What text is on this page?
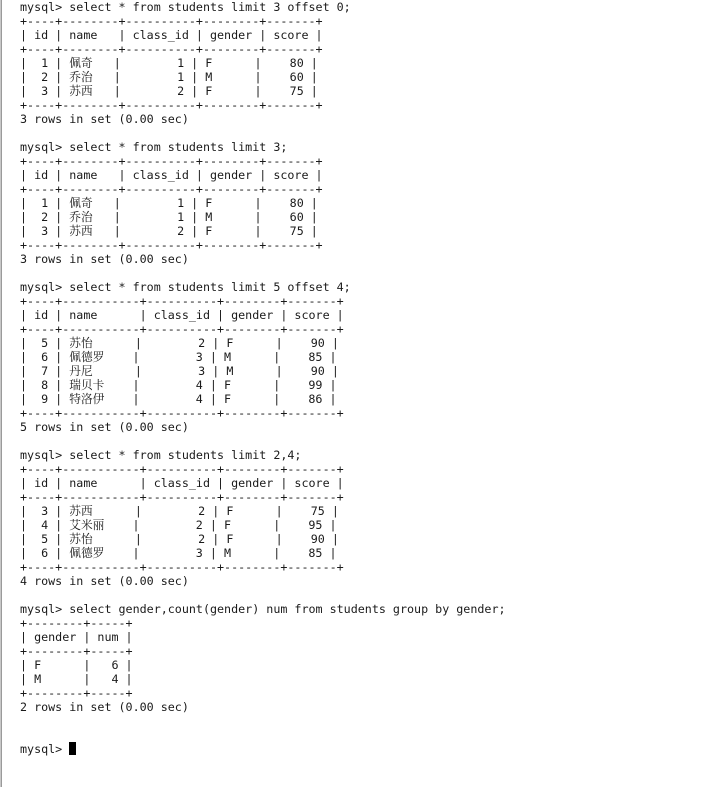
mysql> select * from students limit 3 offset 0;
+----+--------+----------+--------+-------+
| id | name   | class_id | gender | score |
+----+--------+----------+--------+-------+
|  1 | 佩奇   |        1 | F      |    80 |
|  2 | 乔治   |        1 | M      |    60 |
|  3 | 苏西   |        2 | F      |    75 |
+----+--------+----------+--------+-------+
3 rows in set (0.00 sec)
mysql> select * from students limit 3;
+----+--------+----------+--------+-------+
| id | name   | class_id | gender | score |
+----+--------+----------+--------+-------+
|  1 | 佩奇   |        1 | F      |    80 |
|  2 | 乔治   |        1 | M      |    60 |
|  3 | 苏西   |        2 | F      |    75 |
+----+--------+----------+--------+-------+
3 rows in set (0.00 sec)
mysql> select * from students limit 5 offset 4;
+----+-----------+----------+--------+-------+
| id | name      | class_id | gender | score |
+----+-----------+----------+--------+-------+
|  5 | 苏怡      |        2 | F      |    90 |
|  6 | 佩德罗    |        3 | M      |    85 |
|  7 | 丹尼      |        3 | M      |    90 |
|  8 | 瑞贝卡    |        4 | F      |    99 |
|  9 | 特洛伊    |        4 | F      |    86 |
+----+-----------+----------+--------+-------+
5 rows in set (0.00 sec)
mysql> select * from students limit 2,4;
+----+-----------+----------+--------+-------+
| id | name      | class_id | gender | score |
+----+-----------+----------+--------+-------+
|  3 | 苏西      |        2 | F      |    75 |
|  4 | 艾米丽    |        2 | F      |    95 |
|  5 | 苏怡      |        2 | F      |    90 |
|  6 | 佩德罗    |        3 | M      |    85 |
+----+-----------+----------+--------+-------+
4 rows in set (0.00 sec)
mysql> select gender,count(gender) num from students group by gender;
+--------+-----+
| gender | num |
+--------+-----+
| F      |   6 |
| M      |   4 |
+--------+-----+
2 rows in set (0.00 sec)
mysql>
